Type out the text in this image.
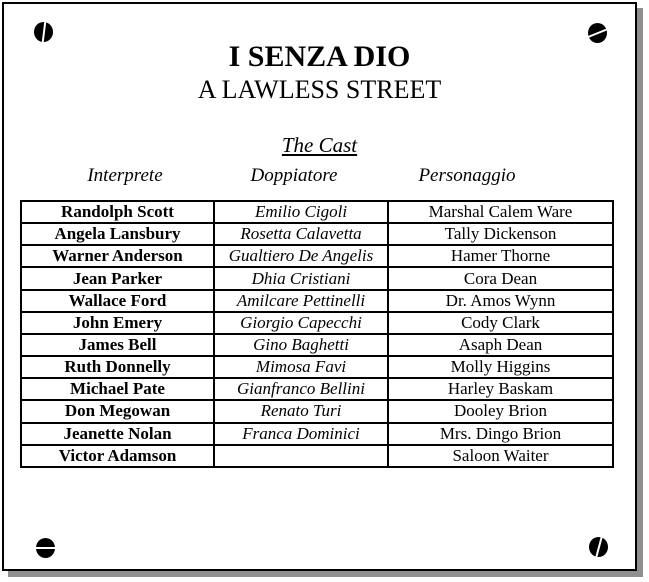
I SENZA DIO
A LAWLESS STREET
The Cast
Interprete	Doppiatore	Personaggio
Randolph Scott	Emilio Cigoli	Marshal Calem Ware
Angela Lansbury	Rosetta Calavetta	Tally Dickenson
Warner Anderson	Gualtiero De Angelis	Hamer Thorne
Jean Parker	Dhia Cristiani	Cora Dean
Wallace Ford	Amilcare Pettinelli	Dr. Amos Wynn
John Emery	Giorgio Capecchi	Cody Clark
James Bell	Gino Baghetti	Asaph Dean
Ruth Donnelly	Mimosa Favi	Molly Higgins
Michael Pate	Gianfranco Bellini	Harley Baskam
Don Megowan	Renato Turi	Dooley Brion
Jeanette Nolan	Franca Dominici	Mrs. Dingo Brion
Victor Adamson		Saloon Waiter
